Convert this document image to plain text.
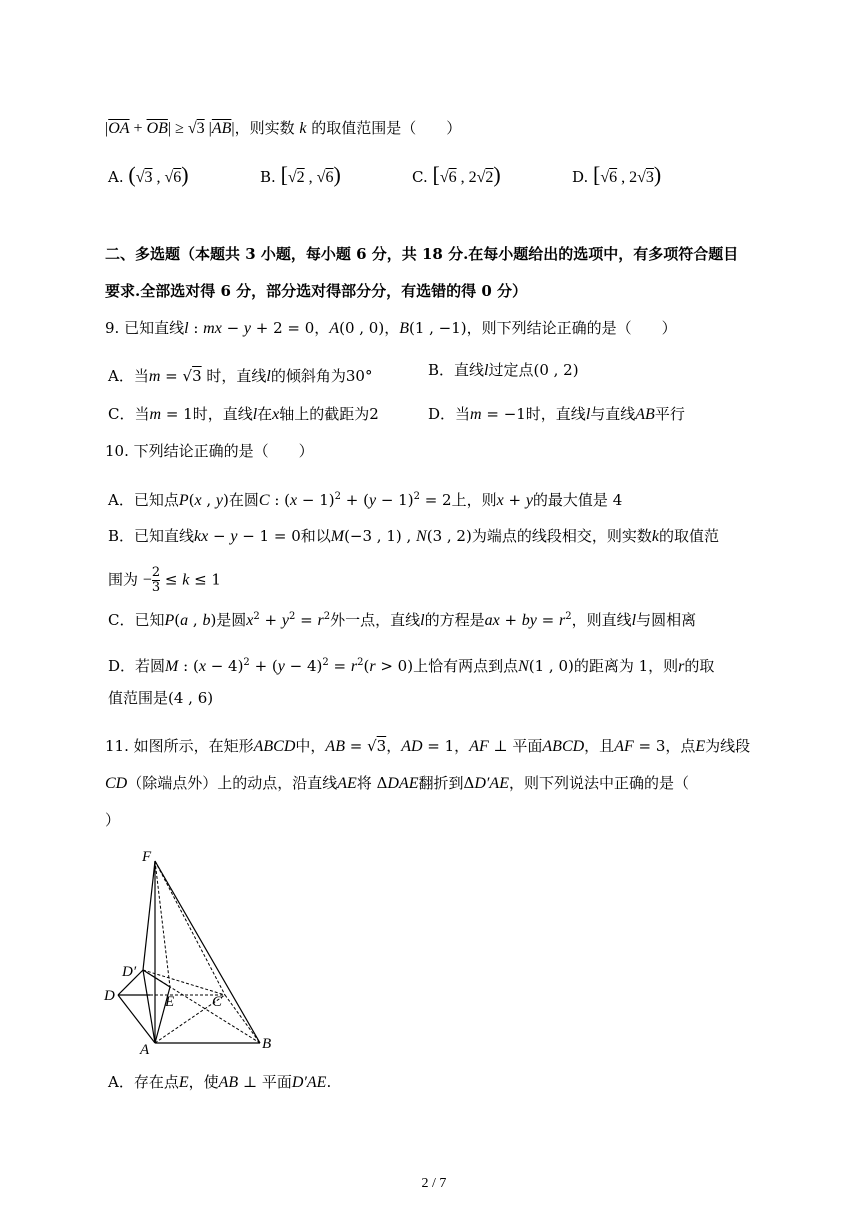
$|\overline{OA} + \overline{OB}| \ge √3$ $|\overline{AB}|$，则实数 k 的取值范围是（　　）
A. (√3 , √6)	B. [√2 , √6)	C. [√6 , 2√2)	D. [√6 , 2√3)
二、多选题（本题共 3 小题，每小题 6 分，共 18 分.在每小题给出的选项中，有多项符合题目
要求.全部选对得 6 分，部分选对得部分分，有选错的得 0 分）
9. 已知直线l : mx − y + 2 = 0，A(0 , 0)，B(1 , −1)，则下列结论正确的是（　　）
A．当m = √3 时，直线l的倾斜角为30°	B．直线l过定点(0 , 2)
C．当m = 1时，直线l在x轴上的截距为2	D．当m = −1时，直线l与直线AB平行
10. 下列结论正确的是（　　）
A．已知点P(x , y)在圆C : $(x - 1)^2 + (y - 1)^2 = 2$上，则x + y的最大值是 4
B．已知直线kx − y − 1 = 0和以M(−3 , 1) , N(3 , 2)为端点的线段相交，则实数k的取值范
围为 − $\frac{2}{3} \le k \le 1$
C．已知P(a , b)是圆$x^2 + y^2 = r^2$外一点，直线l的方程是ax + by = $r^2$，则直线l与圆相离
D．若圆M : $(x - 4)^2 + (y - 4)^2 = r^2(r > 0)$上恰有两点到点N(1 , 0)的距离为 1，则r的取
值范围是(4 , 6)
11. 如图所示，在矩形ABCD中，AB = √3，AD = 1，AF ⊥ 平面ABCD，且AF = 3，点E为线段
CD（除端点外）上的动点，沿直线AE将 ΔDAE翻折到ΔD′AE，则下列说法中正确的是（
）
F
D′
D	E	C
A	B
A．存在点E，使AB ⊥ 平面D′AE.
2 / 7
